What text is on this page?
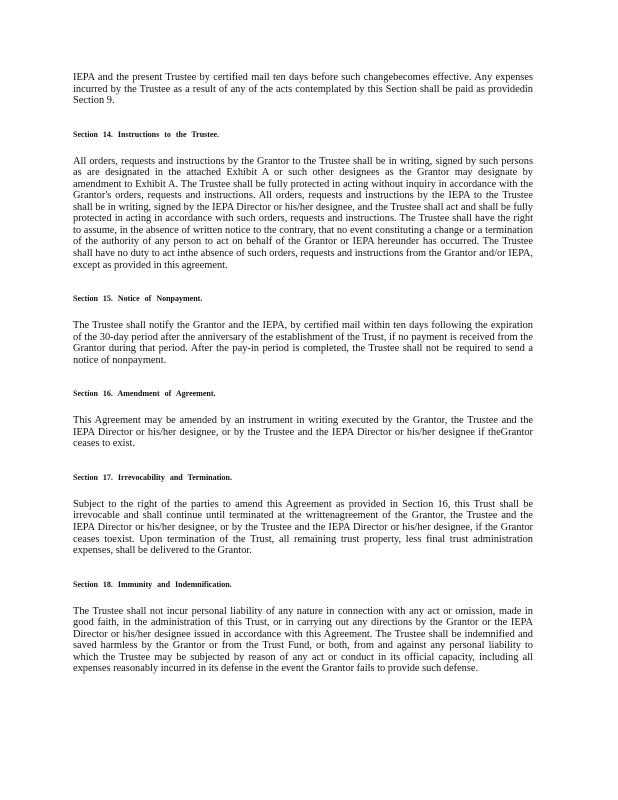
IEPA and the present Trustee by certified mail ten days before such changebecomes effective. Any expenses incurred by the Trustee as a result of any of the acts contemplated by this Section shall be paid as providedin Section 9.

Section 14. Instructions to the Trustee.

All orders, requests and instructions by the Grantor to the Trustee shall be in writing, signed by such persons as are designated in the attached Exhibit A or such other designees as the Grantor may designate by amendment to Exhibit A. The Trustee shall be fully protected in acting without inquiry in accordance with the Grantor's orders, requests and instructions. All orders, requests and instructions by the IEPA to the Trustee shall be in writing, signed by the IEPA Director or his/her designee, and the Trustee shall act and shall be fully protected in acting in accordance with such orders, requests and instructions. The Trustee shall have the right to assume, in the absence of written notice to the contrary, that no event constituting a change or a termination of the authority of any person to act on behalf of the Grantor or IEPA hereunder has occurred. The Trustee shall have no duty to act inthe absence of such orders, requests and instructions from the Grantor and/or IEPA, except as provided in this agreement.

Section 15. Notice of Nonpayment.

The Trustee shall notify the Grantor and the IEPA, by certified mail within ten days following the expiration of the 30-day period after the anniversary of the establishment of the Trust, if no payment is received from the Grantor during that period. After the pay-in period is completed, the Trustee shall not be required to send a notice of nonpayment.

Section 16. Amendment of Agreement.

This Agreement may be amended by an instrument in writing executed by the Grantor, the Trustee and the IEPA Director or his/her designee, or by the Trustee and the IEPA Director or his/her designee if theGrantor ceases to exist.

Section 17. Irrevocability and Termination.

Subject to the right of the parties to amend this Agreement as provided in Section 16, this Trust shall be irrevocable and shall continue until terminated at the writtenagreement of the Grantor, the Trustee and the IEPA Director or his/her designee, or by the Trustee and the IEPA Director or his/her designee, if the Grantor ceases toexist. Upon termination of the Trust, all remaining trust property, less final trust administration expenses, shall be delivered to the Grantor.

Section 18. Immunity and Indemnification.

The Trustee shall not incur personal liability of any nature in connection with any act or omission, made in good faith, in the administration of this Trust, or in carrying out any directions by the Grantor or the IEPA Director or his/her designee issued in accordance with this Agreement. The Trustee shall be indemnified and saved harmless by the Grantor or from the Trust Fund, or both, from and against any personal liability to which the Trustee may be subjected by reason of any act or conduct in its official capacity, including all expenses reasonably incurred in its defense in the event the Grantor fails to provide such defense.
